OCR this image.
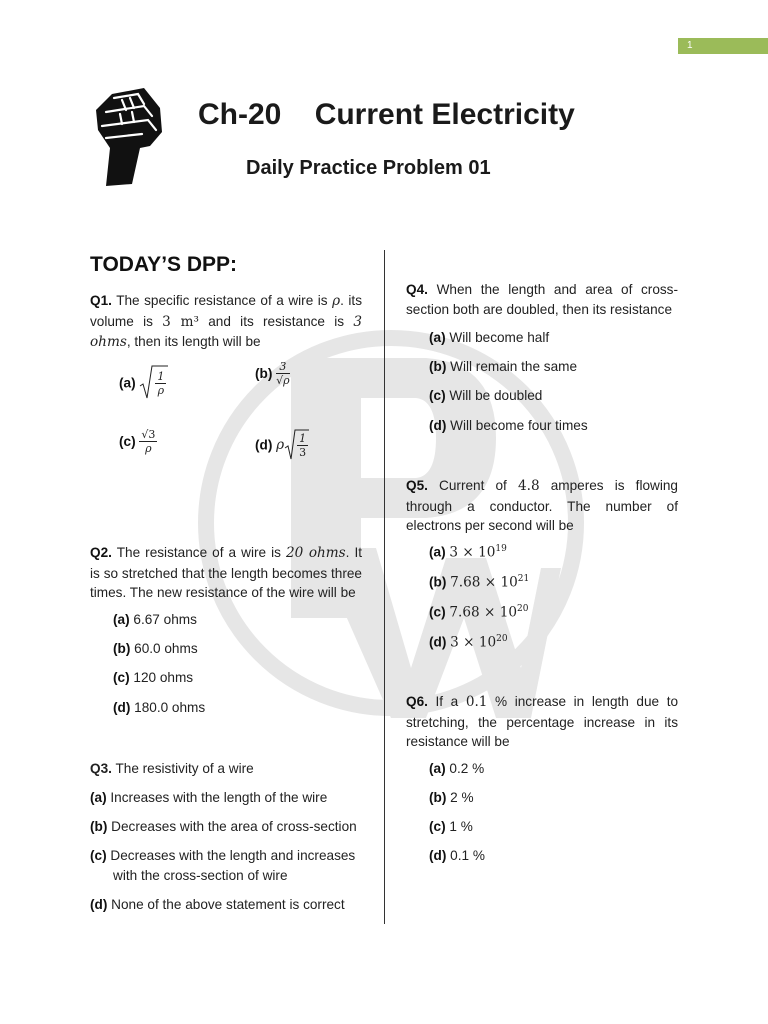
1
Ch-20    Current Electricity
Daily Practice Problem 01
TODAY’S DPP:
Q1. The specific resistance of a wire is ρ. its volume is 3 m³ and its resistance is 3 ohms, then its length will be
$(a) \frac{1}{\rho}$	$(b) \frac{3}{√\rho}$
$(c) \frac{√3}{\rho}$	(d) ρ $\frac{1}{3}$
Q2. The resistance of a wire is 20 ohms. It is so stretched that the length becomes three times. The new resistance of the wire will be
(a) 6.67 ohms
(b) 60.0 ohms
(c) 120 ohms
(d) 180.0 ohms
Q3. The resistivity of a wire
(a) Increases with the length of the wire
(b) Decreases with the area of cross-section
(c) Decreases with the length and increases with the cross-section of wire
(d) None of the above statement is correct
Q4. When the length and area of cross-section both are doubled, then its resistance
(a) Will become half
(b) Will remain the same
(c) Will be doubled
(d) Will become four times
Q5. Current of 4.8 amperes is flowing through a conductor. The number of electrons per second will be
(a) $3 \times 10^{19}$
(b) $7.68 \times 10^{21}$
(c) $7.68 \times 10^{20}$
(d) $3 \times 10^{20}$
Q6. If a 0.1 % increase in length due to stretching, the percentage increase in its resistance will be
(a) 0.2 %
(b) 2 %
(c) 1 %
(d) 0.1 %
